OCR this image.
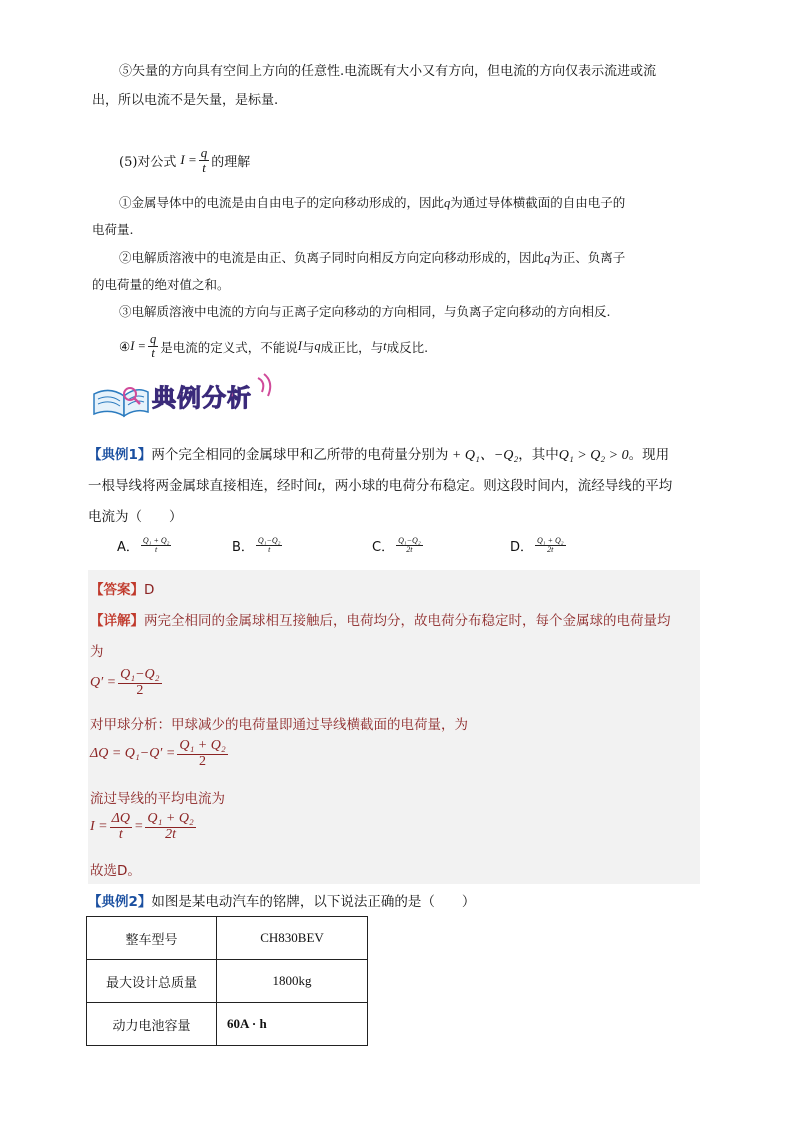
⑤矢量的方向具有空间上方向的任意性.电流既有大小又有方向，但电流的方向仅表示流进或流
出，所以电流不是矢量，是标量.
(5)对公式 $I = \frac{q}{t}$ 的理解
①金属导体中的电流是由自由电子的定向移动形成的，因此q为通过导体横截面的自由电子的
电荷量.
②电解质溶液中的电流是由正、负离子同时向相反方向定向移动形成的，因此q为正、负离子
的电荷量的绝对值之和。
③电解质溶液中电流的方向与正离子定向移动的方向相同，与负离子定向移动的方向相反.
④ $I = \frac{q}{t}$ 是电流的定义式，不能说 I 与 q 成正比，与 t 成反比.
典例分析
【典例1】两个完全相同的金属球甲和乙所带的电荷量分别为 + Q₁、−Q₂，其中Q₁ > Q₂ > 0。现用
一根导线将两金属球直接相连，经时间t，两小球的电荷分布稳定。则这段时间内，流经导线的平均
电流为（　　）
A． $\frac{\text{Q₁ + Q₂}}{t}$	B． $\frac{\text{Q₁−Q₂}}{t}$	C． $\frac{\text{Q₁−Q₂}}{2t}$	D． $\frac{\text{Q₁ + Q₂}}{2t}$
【答案】D
【详解】两完全相同的金属球相互接触后，电荷均分，故电荷分布稳定时，每个金属球的电荷量均
为
$Q' = \frac{\text{Q₁−Q₂}}{2}$
对甲球分析：甲球减少的电荷量即通过导线横截面的电荷量，为
$\Delta Q = Q_1-Q' = \frac{\text{Q₁ + Q₂}}{2}$
流过导线的平均电流为
$I = \frac{\Delta Q}{t} = \frac{\text{Q₁ + Q₂}}{2t}$
故选D。
【典例2】如图是某电动汽车的铭牌，以下说法正确的是（　　）
整车型号	CH830BEV
最大设计总质量	1800kg
动力电池容量	60A · h
